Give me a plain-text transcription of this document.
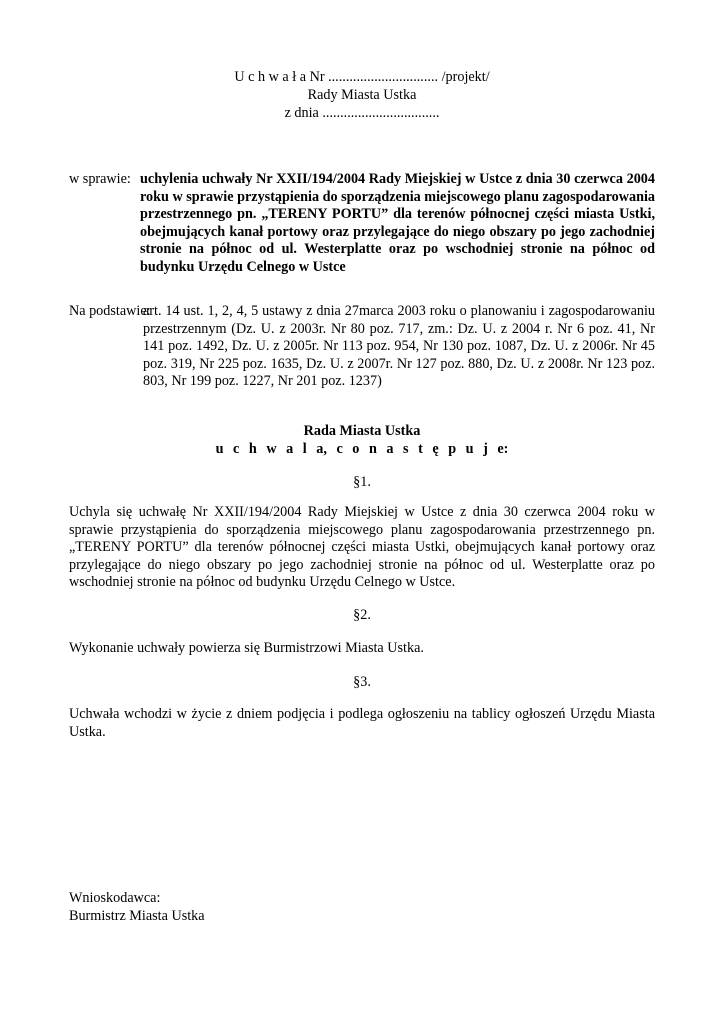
U c h w a ł a Nr ............................... /projekt/
Rady Miasta Ustka
z dnia .................................
w sprawie: uchylenia uchwały Nr XXII/194/2004 Rady Miejskiej w Ustce z dnia 30 czerwca 2004 roku w sprawie przystąpienia do sporządzenia miejscowego planu zagospodarowania przestrzennego pn. „TERENY PORTU” dla terenów północnej części miasta Ustki, obejmujących kanał portowy oraz przylegające do niego obszary po jego zachodniej stronie na północ od ul. Westerplatte oraz po wschodniej stronie na północ od budynku Urzędu Celnego w Ustce
Na podstawie:
art. 14 ust. 1, 2, 4, 5 ustawy z dnia 27marca 2003 roku o planowaniu i zagospodarowaniu przestrzennym (Dz. U. z 2003r. Nr 80 poz. 717, zm.: Dz. U. z 2004 r. Nr 6 poz. 41, Nr 141 poz. 1492, Dz. U. z 2005r. Nr 113 poz. 954, Nr 130 poz. 1087, Dz. U. z 2006r. Nr 45 poz. 319, Nr 225 poz. 1635, Dz. U. z 2007r. Nr 127 poz. 880, Dz. U. z 2008r. Nr 123 poz. 803, Nr 199 poz. 1227, Nr 201 poz. 1237)
Rada Miasta Ustka
u c h w a l a, c o n a s t ę p u j e:
§1.
Uchyla się uchwałę Nr XXII/194/2004 Rady Miejskiej w Ustce z dnia 30 czerwca 2004 roku w sprawie przystąpienia do sporządzenia miejscowego planu zagospodarowania przestrzennego pn. „TERENY PORTU” dla terenów północnej części miasta Ustki, obejmujących kanał portowy oraz przylegające do niego obszary po jego zachodniej stronie na północ od ul. Westerplatte oraz po wschodniej stronie na północ od budynku Urzędu Celnego w Ustce.
§2.
Wykonanie uchwały powierza się Burmistrzowi Miasta Ustka.
§3.
Uchwała wchodzi w życie z dniem podjęcia i podlega ogłoszeniu na tablicy ogłoszeń Urzędu Miasta Ustka.
Wnioskodawca:
Burmistrz Miasta Ustka
